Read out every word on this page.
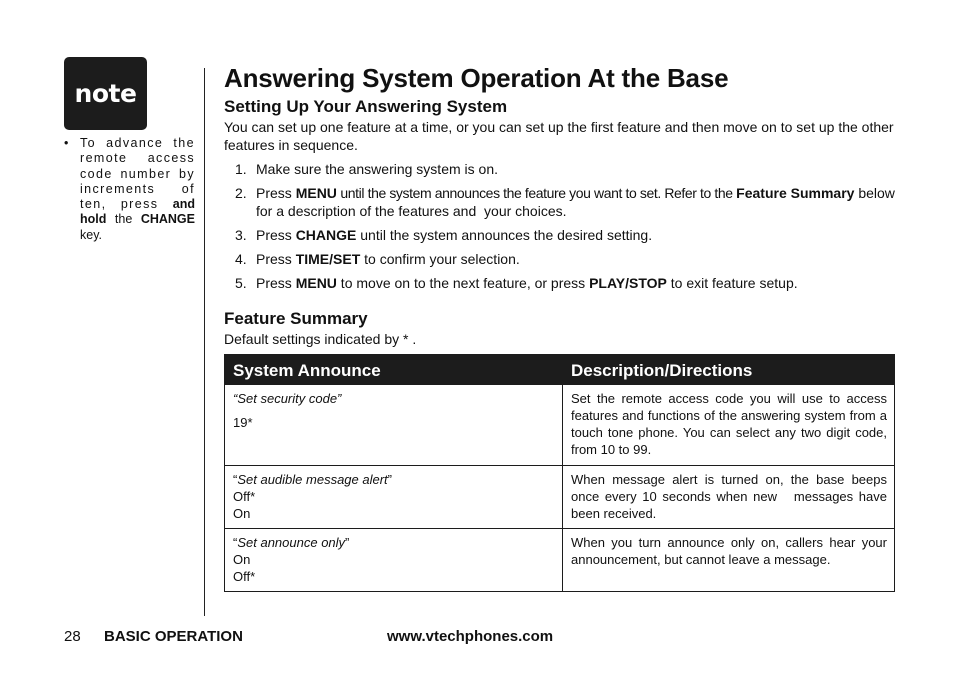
note
• To advance the remote access code number by increments of ten, press and hold the CHANGE key.
Answering System Operation At the Base
Setting Up Your Answering System

You can set up one feature at a time, or you can set up the first feature and then move on to set up the other features in sequence.

1. Make sure the answering system is on.
2. Press MENU until the system announces the feature you want to set. Refer to the Feature Summary below  for a description of the features and  your choices.
3. Press CHANGE until the system announces the desired setting.
4. Press TIME/SET to confirm your selection.
5. Press MENU to move on to the next feature, or press PLAY/STOP to exit feature setup.
Feature Summary

Default settings indicated by * .

System Announce	Description/Directions
“Set security code”
19*	Set the remote access code you will use to access features and functions of the answering system from a touch tone phone. You can select any two digit code, from 10 to 99.
“Set audible message alert”
Off*
On	When message alert is turned on, the base beeps once every 10 seconds when new   messages have been received.
“Set announce only”
On
Off*	When you turn announce only on, callers hear your announcement, but cannot leave a message.
28 BASIC OPERATION	www.vtechphones.com
